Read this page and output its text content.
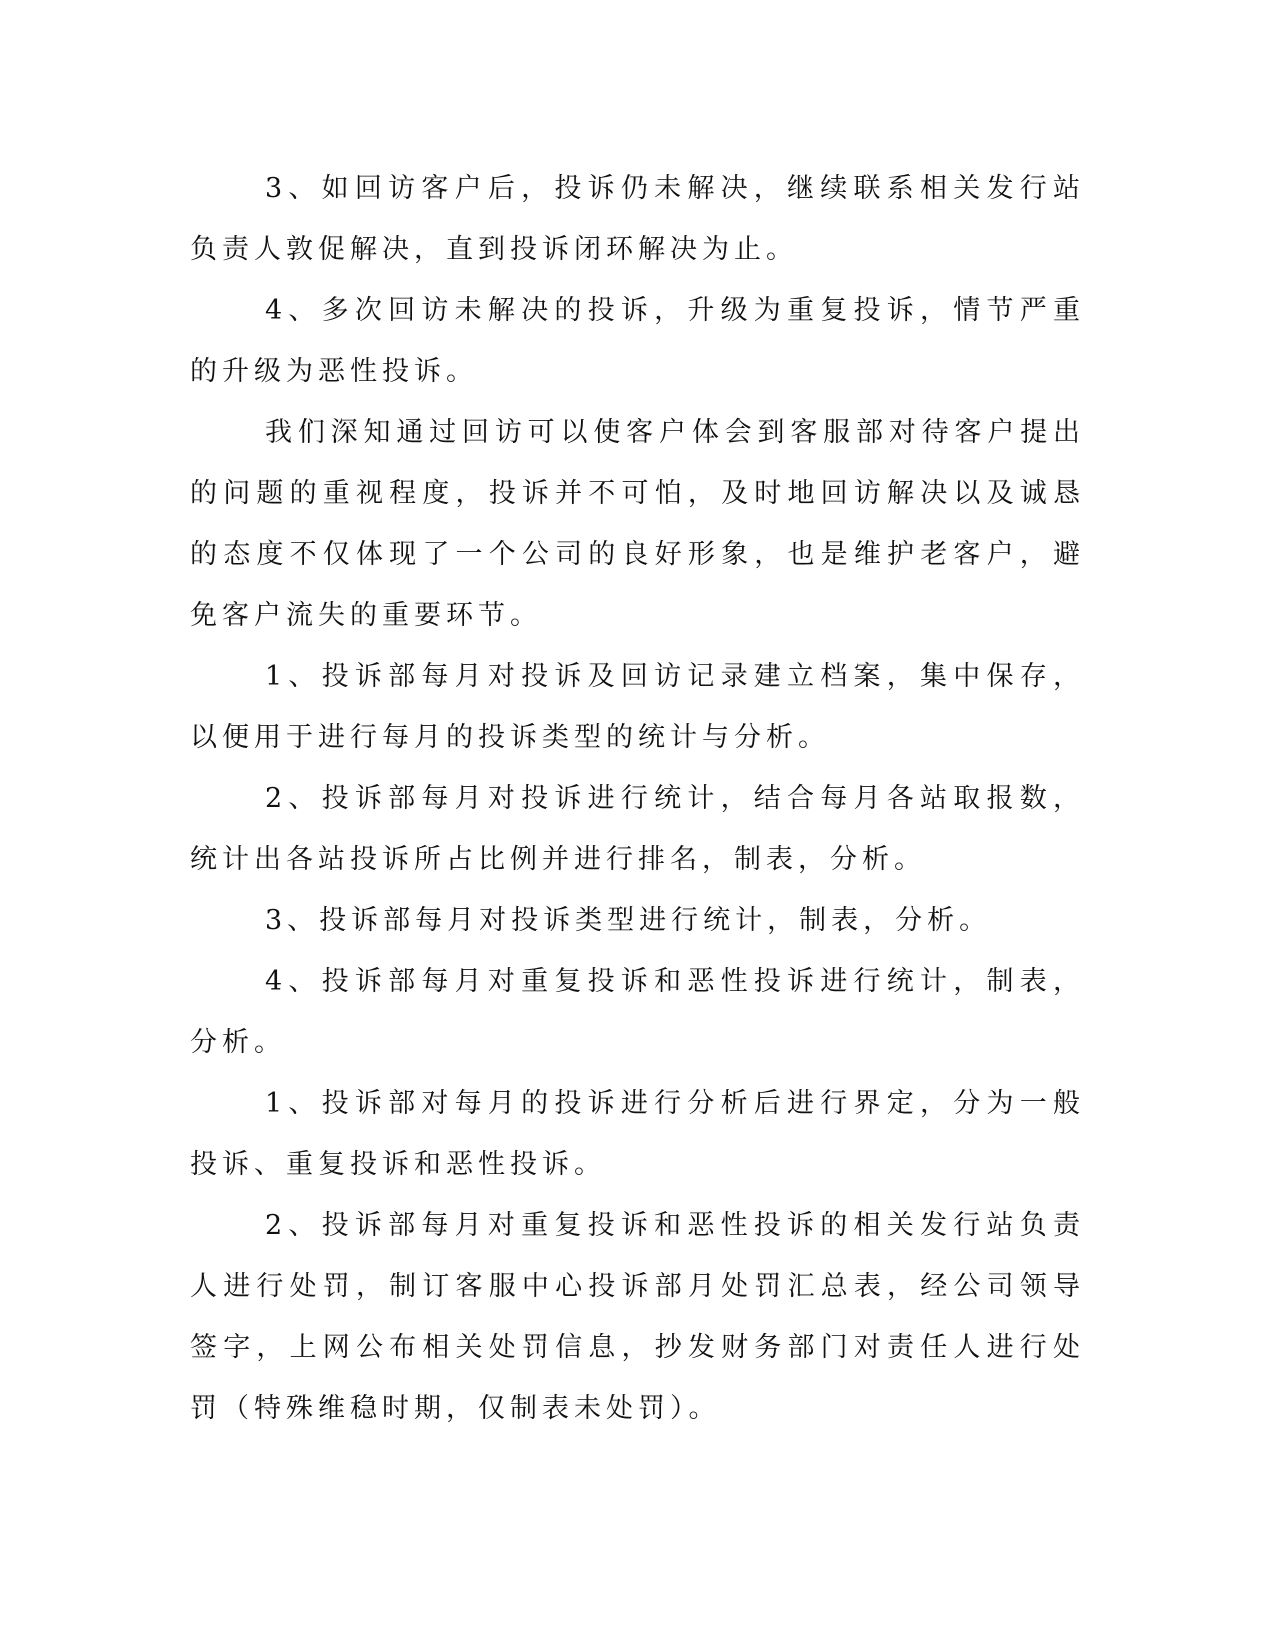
3、如回访客户后，投诉仍未解决，继续联系相关发行站负责人敦促解决，直到投诉闭环解决为止。

4、多次回访未解决的投诉，升级为重复投诉，情节严重的升级为恶性投诉。

我们深知通过回访可以使客户体会到客服部对待客户提出的问题的重视程度，投诉并不可怕，及时地回访解决以及诚恳的态度不仅体现了一个公司的良好形象，也是维护老客户，避免客户流失的重要环节。

1、投诉部每月对投诉及回访记录建立档案，集中保存，以便用于进行每月的投诉类型的统计与分析。

2、投诉部每月对投诉进行统计，结合每月各站取报数，统计出各站投诉所占比例并进行排名，制表，分析。

3、投诉部每月对投诉类型进行统计，制表，分析。

4、投诉部每月对重复投诉和恶性投诉进行统计，制表，分析。

1、投诉部对每月的投诉进行分析后进行界定，分为一般投诉、重复投诉和恶性投诉。

2、投诉部每月对重复投诉和恶性投诉的相关发行站负责人进行处罚，制订客服中心投诉部月处罚汇总表，经公司领导签字，上网公布相关处罚信息，抄发财务部门对责任人进行处罚（特殊维稳时期，仅制表未处罚）。
